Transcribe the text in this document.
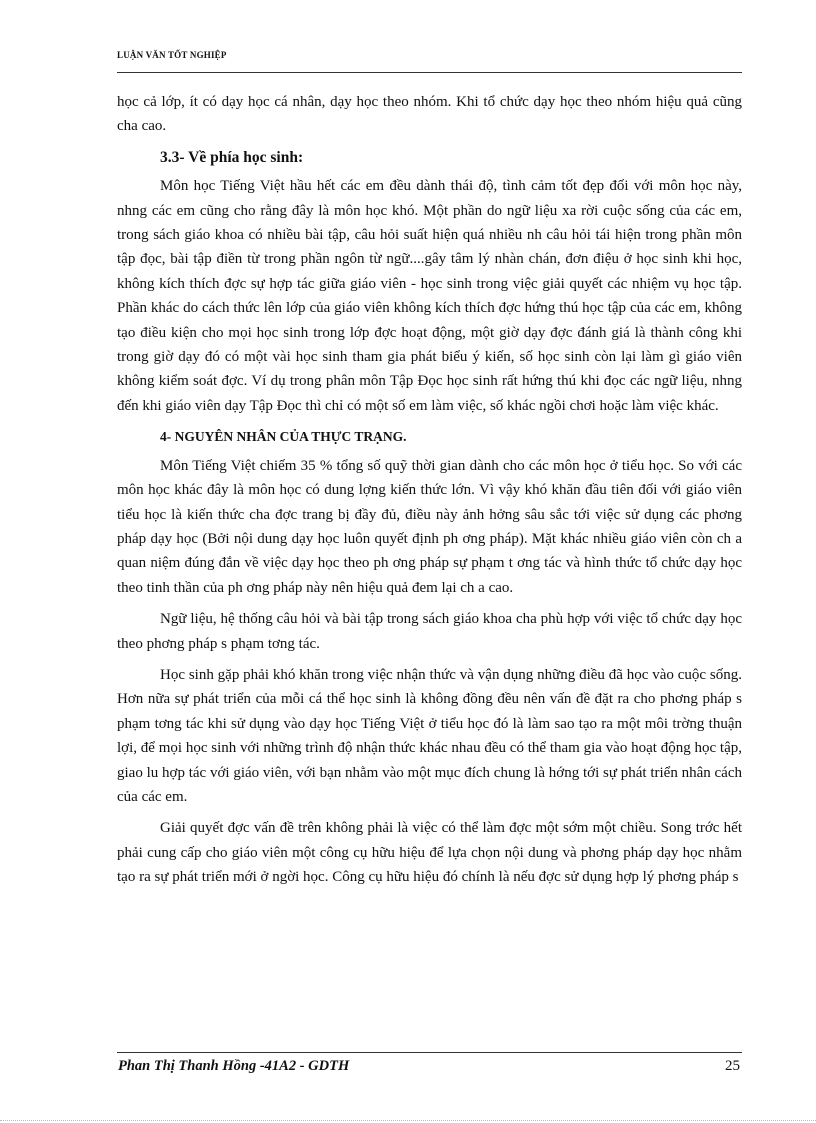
LUẬN VĂN TỐT NGHIỆP

học cả lớp, ít có dạy học cá nhân, dạy học theo nhóm. Khi tổ chức dạy học theo nhóm hiệu quả cũng cha cao.

3.3- Về phía học sinh:

Môn học Tiếng Việt hầu hết các em đều dành thái độ, tình cảm tốt đẹp đối với môn học này, nhng các em cũng cho rằng đây là môn học khó. Một phần do ngữ liệu xa rời cuộc sống của các em, trong sách giáo khoa có nhiều bài tập, câu hỏi suất hiện quá nhiều nh câu hỏi tái hiện trong phần môn tập đọc, bài tập điền từ trong phần ngôn từ ngữ....gây tâm lý nhàn chán, đơn điệu ở học sinh khi học, không kích thích đợc sự hợp tác giữa giáo viên - học sinh trong việc giải quyết các nhiệm vụ học tập. Phần khác do cách thức lên lớp của giáo viên không kích thích đợc hứng thú học tập của các em, không tạo điều kiện cho mọi học sinh trong lớp đợc hoạt động, một giờ dạy đợc đánh giá là thành công khi trong giờ dạy đó có một vài học sinh tham gia phát biểu ý kiến, số học sinh còn lại làm gì giáo viên không kiểm soát đợc. Ví dụ trong phân môn Tập Đọc học sinh rất hứng thú khi đọc các ngữ liệu, nhng đến khi giáo viên dạy Tập Đọc thì chỉ có một số em làm việc, số khác ngồi chơi hoặc làm việc khác.

4- NGUYÊN NHÂN CỦA THỰC TRẠNG.

Môn Tiếng Việt chiếm 35 % tổng số quỹ thời gian dành cho các môn học ở tiểu học. So với các môn học khác đây là môn học có dung lợng kiến thức lớn. Vì vậy khó khăn đầu tiên đối với giáo viên tiểu học là kiến thức cha đợc trang bị đầy đủ, điều này ảnh hởng sâu sắc tới việc sử dụng các phơng pháp dạy học (Bởi nội dung dạy học luôn quyết định ph ơng pháp). Mặt khác nhiều giáo viên còn ch a quan niệm đúng đắn về việc dạy học theo ph ơng pháp sự phạm t ơng tác và hình thức tổ chức dạy học theo tinh thần của ph ơng pháp này nên hiệu quả đem lại ch a cao.

Ngữ liệu, hệ thống câu hỏi và bài tập trong sách giáo khoa cha phù hợp với việc tổ chức dạy học theo phơng pháp s phạm tơng tác.

Học sinh gặp phải khó khăn trong việc nhận thức và vận dụng những điều đã học vào cuộc sống. Hơn nữa sự phát triển của mỗi cá thể học sinh là không đồng đều nên vấn đề đặt ra cho phơng pháp s phạm tơng tác khi sử dụng vào dạy học Tiếng Việt ở tiểu học đó là làm sao tạo ra một môi trờng thuận lợi, để mọi học sinh với những trình độ nhận thức khác nhau đều có thể tham gia vào hoạt động học tập, giao lu hợp tác với giáo viên, với bạn nhằm vào một mục đích chung là hớng tới sự phát triển nhân cách của các em.

Giải quyết đợc vấn đề trên không phải là việc có thể làm đợc một sớm một chiều. Song trớc hết phải cung cấp cho giáo viên một công cụ hữu hiệu để lựa chọn nội dung và phơng pháp dạy học nhằm tạo ra sự phát triển mới ở ngời học. Công cụ hữu hiệu đó chính là nếu đợc sử dụng hợp lý phơng pháp s

Phan Thị Thanh Hồng -41A2 - GDTH	25
